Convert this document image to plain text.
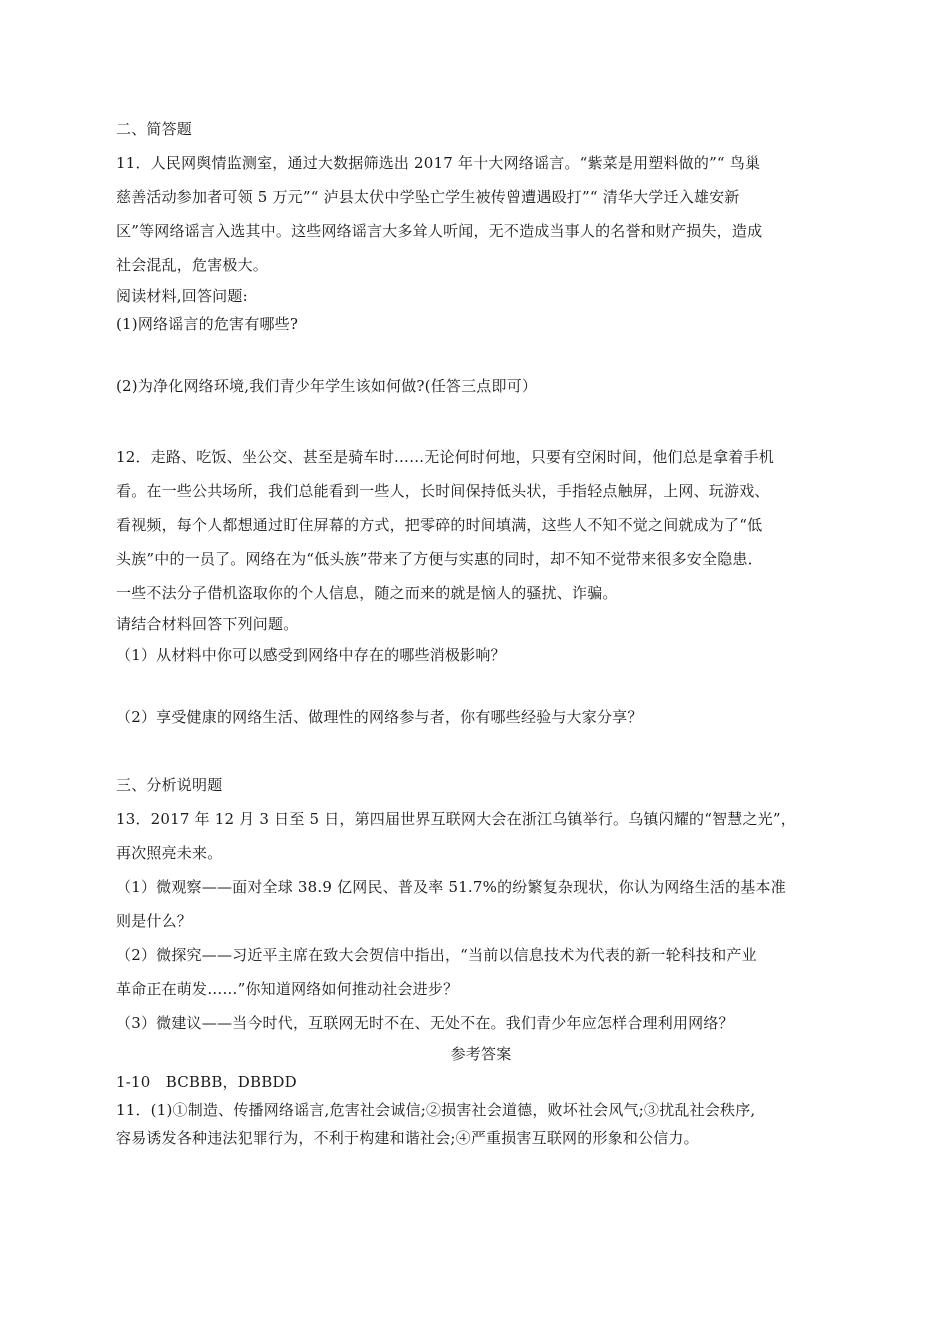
二、简答题
11．人民网舆情监测室，通过大数据筛选出 2017 年十大网络谣言。“紫菜是用塑料做的”“ 鸟巢
慈善活动参加者可领 5 万元”“ 泸县太伏中学坠亡学生被传曾遭遇殴打”“ 清华大学迁入雄安新
区”等网络谣言入选其中。这些网络谣言大多耸人听闻，无不造成当事人的名誉和财产损失，造成
社会混乱，危害极大。
阅读材料,回答问题:
(1)网络谣言的危害有哪些?
(2)为净化网络环境,我们青少年学生该如何做?(任答三点即可）
12．走路、吃饭、坐公交、甚至是骑车时……无论何时何地，只要有空闲时间，他们总是拿着手机
看。在一些公共场所，我们总能看到一些人，长时间保持低头状，手指轻点触屏，上网、玩游戏、
看视频，每个人都想通过盯住屏幕的方式，把零碎的时间填满，这些人不知不觉之间就成为了“低
头族”中的一员了。网络在为“低头族”带来了方便与实惠的同时，却不知不觉带来很多安全隐患．
一些不法分子借机盗取你的个人信息，随之而来的就是恼人的骚扰、诈骗。
请结合材料回答下列问题。
（1）从材料中你可以感受到网络中存在的哪些消极影响？
（2）享受健康的网络生活、做理性的网络参与者，你有哪些经验与大家分享？
三、分析说明题
13．2017 年 12 月 3 日至 5 日，第四届世界互联网大会在浙江乌镇举行。乌镇闪耀的“智慧之光”，
再次照亮未来。
（1）微观察——面对全球 38.9 亿网民、普及率 51.7%的纷繁复杂现状，你认为网络生活的基本准
则是什么？
（2）微探究——习近平主席在致大会贺信中指出，“当前以信息技术为代表的新一轮科技和产业
革命正在萌发……”你知道网络如何推动社会进步？
（3）微建议——当今时代，互联网无时不在、无处不在。我们青少年应怎样合理利用网络？
参考答案
1-10　BCBBB，DBBDD
11．(1)①制造、传播网络谣言,危害社会诚信;②损害社会道德，败坏社会风气;③扰乱社会秩序,
容易诱发各种违法犯罪行为，不利于构建和谐社会;④严重损害互联网的形象和公信力。
